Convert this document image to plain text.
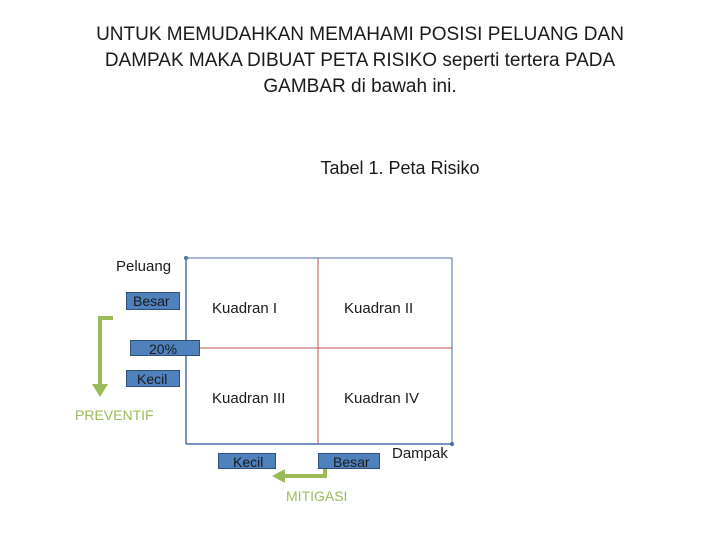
UNTUK MEMUDAHKAN MEMAHAMI POSISI PELUANG DAN DAMPAK MAKA DIBUAT PETA RISIKO seperti tertera PADA GAMBAR di bawah ini.
Tabel 1. Peta Risiko
Peluang
Dampak
Besar
20%
Kecil
Kecil	Besar
Kuadran I	Kuadran II
Kuadran III	Kuadran IV
PREVENTIF
MITIGASI
